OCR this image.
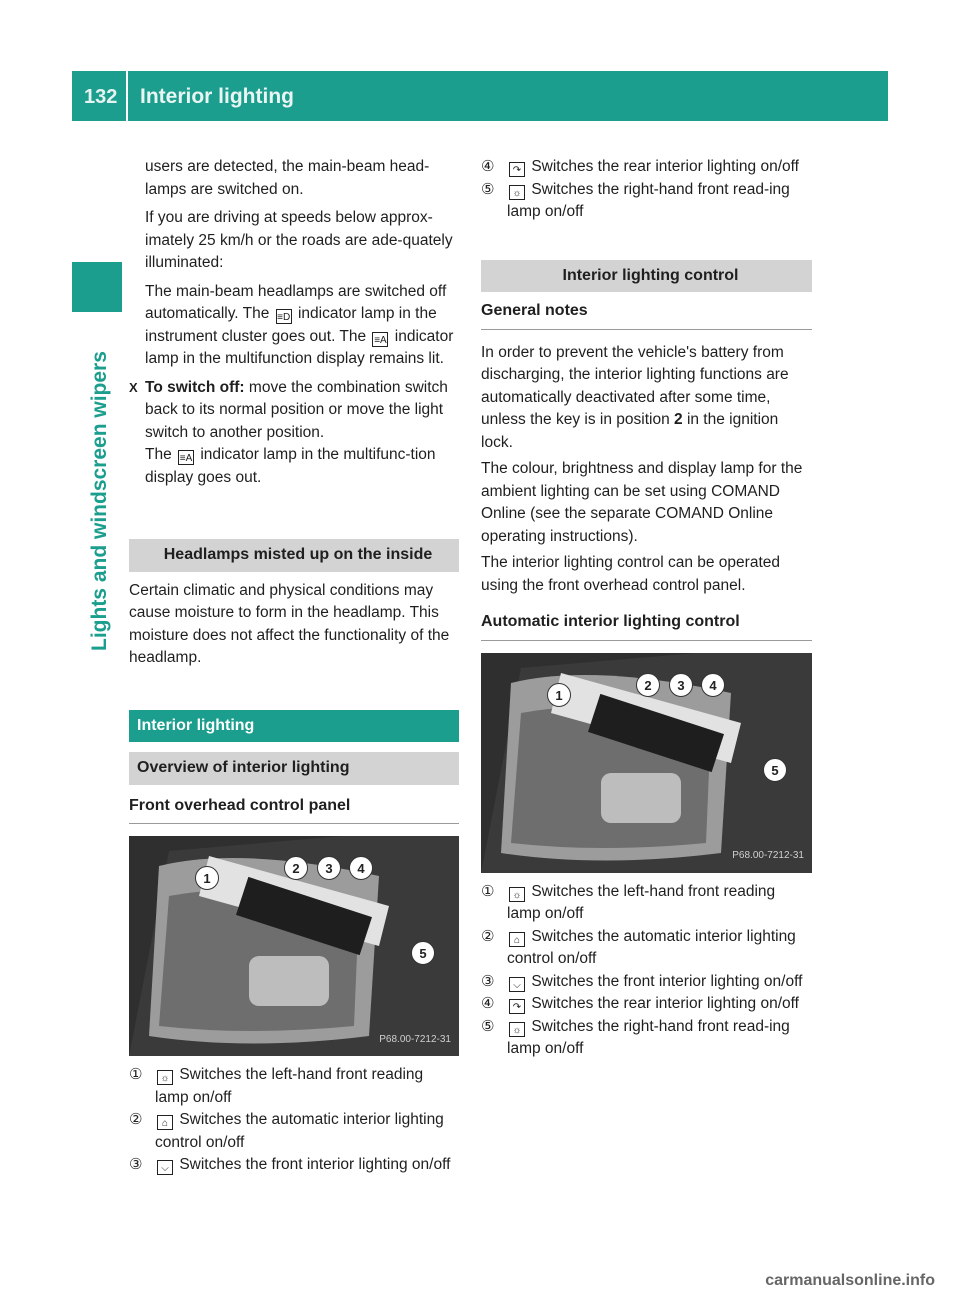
132 Interior lighting
Lights and windscreen wipers

users are detected, the main-beam head-lamps are switched on.

If you are driving at speeds below approx-imately 25 km/h or the roads are ade-quately illuminated:

The main-beam headlamps are switched off automatically. The ≡D indicator lamp in the instrument cluster goes out. The ≡A indicator lamp in the multifunction display remains lit.

X To switch off: move the combination switch back to its normal position or move the light switch to another position.

The ≡A indicator lamp in the multifunc-tion display goes out.

Headlamps misted up on the inside

Certain climatic and physical conditions may cause moisture to form in the headlamp. This moisture does not affect the functionality of the headlamp.

Interior lighting
Overview of interior lighting
Front overhead control panel
1
2	3	4
5
P68.00-7212-31
① ☼ Switches the left-hand front reading lamp on/off
② ⌂ Switches the automatic interior lighting control on/off
③ ⌵ Switches the front interior lighting on/off
④ ↷ Switches the rear interior lighting on/off
⑤ ☼ Switches the right-hand front read-ing lamp on/off
Interior lighting control
General notes

In order to prevent the vehicle's battery from discharging, the interior lighting functions are automatically deactivated after some time, unless the key is in position 2 in the ignition lock.

The colour, brightness and display lamp for the ambient lighting can be set using COMAND Online (see the separate COMAND Online operating instructions).

The interior lighting control can be operated using the front overhead control panel.

Automatic interior lighting control
1
2	3	4
5
P68.00-7212-31
① ☼ Switches the left-hand front reading lamp on/off
② ⌂ Switches the automatic interior lighting control on/off
③ ⌵ Switches the front interior lighting on/off
④ ↷ Switches the rear interior lighting on/off
⑤ ☼ Switches the right-hand front read-ing lamp on/off
carmanualsonline.info
